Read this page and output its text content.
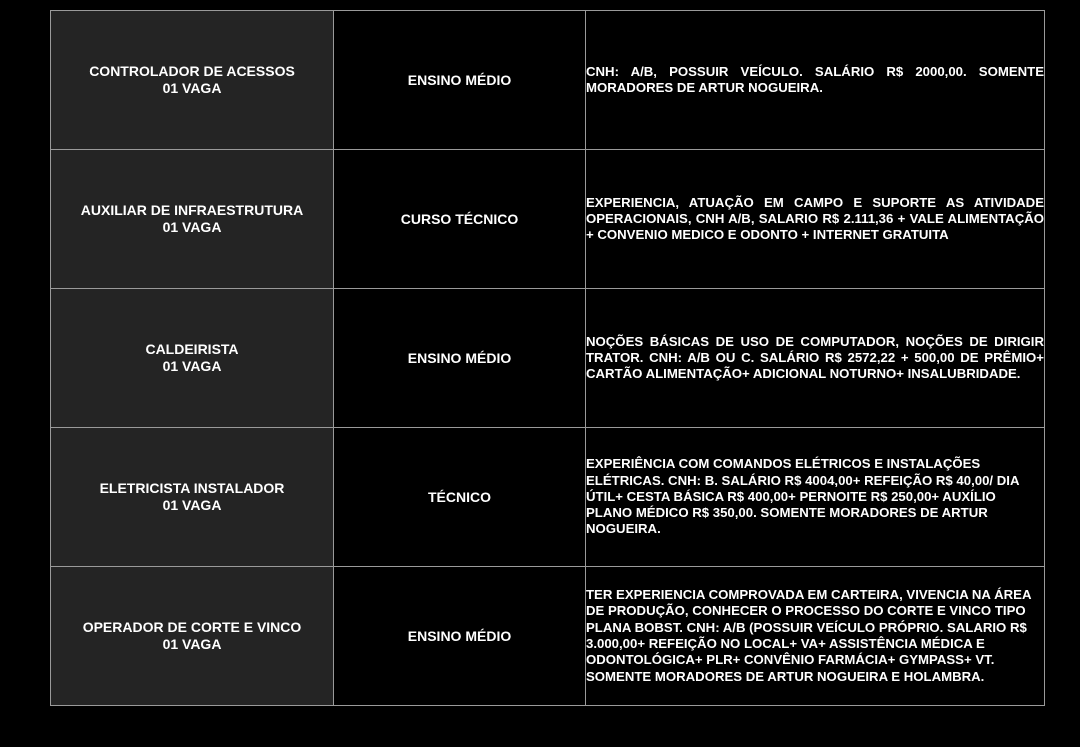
CONTROLADOR DE ACESSOS
01 VAGA	ENSINO MÉDIO	CNH: A/B, POSSUIR VEÍCULO. SALÁRIO R$ 2000,00. SOMENTE MORADORES DE ARTUR NOGUEIRA.

AUXILIAR DE INFRAESTRUTURA
01 VAGA	CURSO TÉCNICO	EXPERIENCIA, ATUAÇÃO EM CAMPO E SUPORTE AS ATIVIDADE OPERACIONAIS, CNH A/B, SALARIO R$ 2.111,36 + VALE ALIMENTAÇÃO + CONVENIO MEDICO E ODONTO + INTERNET GRATUITA

CALDEIRISTA
01 VAGA	ENSINO MÉDIO	NOÇÕES BÁSICAS DE USO DE COMPUTADOR, NOÇÕES DE DIRIGIR TRATOR. CNH: A/B OU C. SALÁRIO R$ 2572,22 + 500,00 DE PRÊMIO+ CARTÃO ALIMENTAÇÃO+ ADICIONAL NOTURNO+ INSALUBRIDADE.

ELETRICISTA INSTALADOR
01 VAGA	TÉCNICO	EXPERIÊNCIA COM COMANDOS ELÉTRICOS E INSTALAÇÕES ELÉTRICAS. CNH: B. SALÁRIO R$ 4004,00+ REFEIÇÃO R$ 40,00/ DIA ÚTIL+ CESTA BÁSICA R$ 400,00+ PERNOITE R$ 250,00+ AUXÍLIO PLANO MÉDICO R$ 350,00. SOMENTE MORADORES DE ARTUR NOGUEIRA.

OPERADOR DE CORTE E VINCO
01 VAGA	ENSINO MÉDIO	TER EXPERIENCIA COMPROVADA EM CARTEIRA, VIVENCIA NA ÁREA DE PRODUÇÃO, CONHECER O PROCESSO DO CORTE E VINCO TIPO PLANA BOBST. CNH: A/B (POSSUIR VEÍCULO PRÓPRIO. SALARIO R$ 3.000,00+ REFEIÇÃO NO LOCAL+ VA+ ASSISTÊNCIA MÉDICA E ODONTOLÓGICA+ PLR+ CONVÊNIO FARMÁCIA+ GYMPASS+ VT. SOMENTE MORADORES DE ARTUR NOGUEIRA E HOLAMBRA.
